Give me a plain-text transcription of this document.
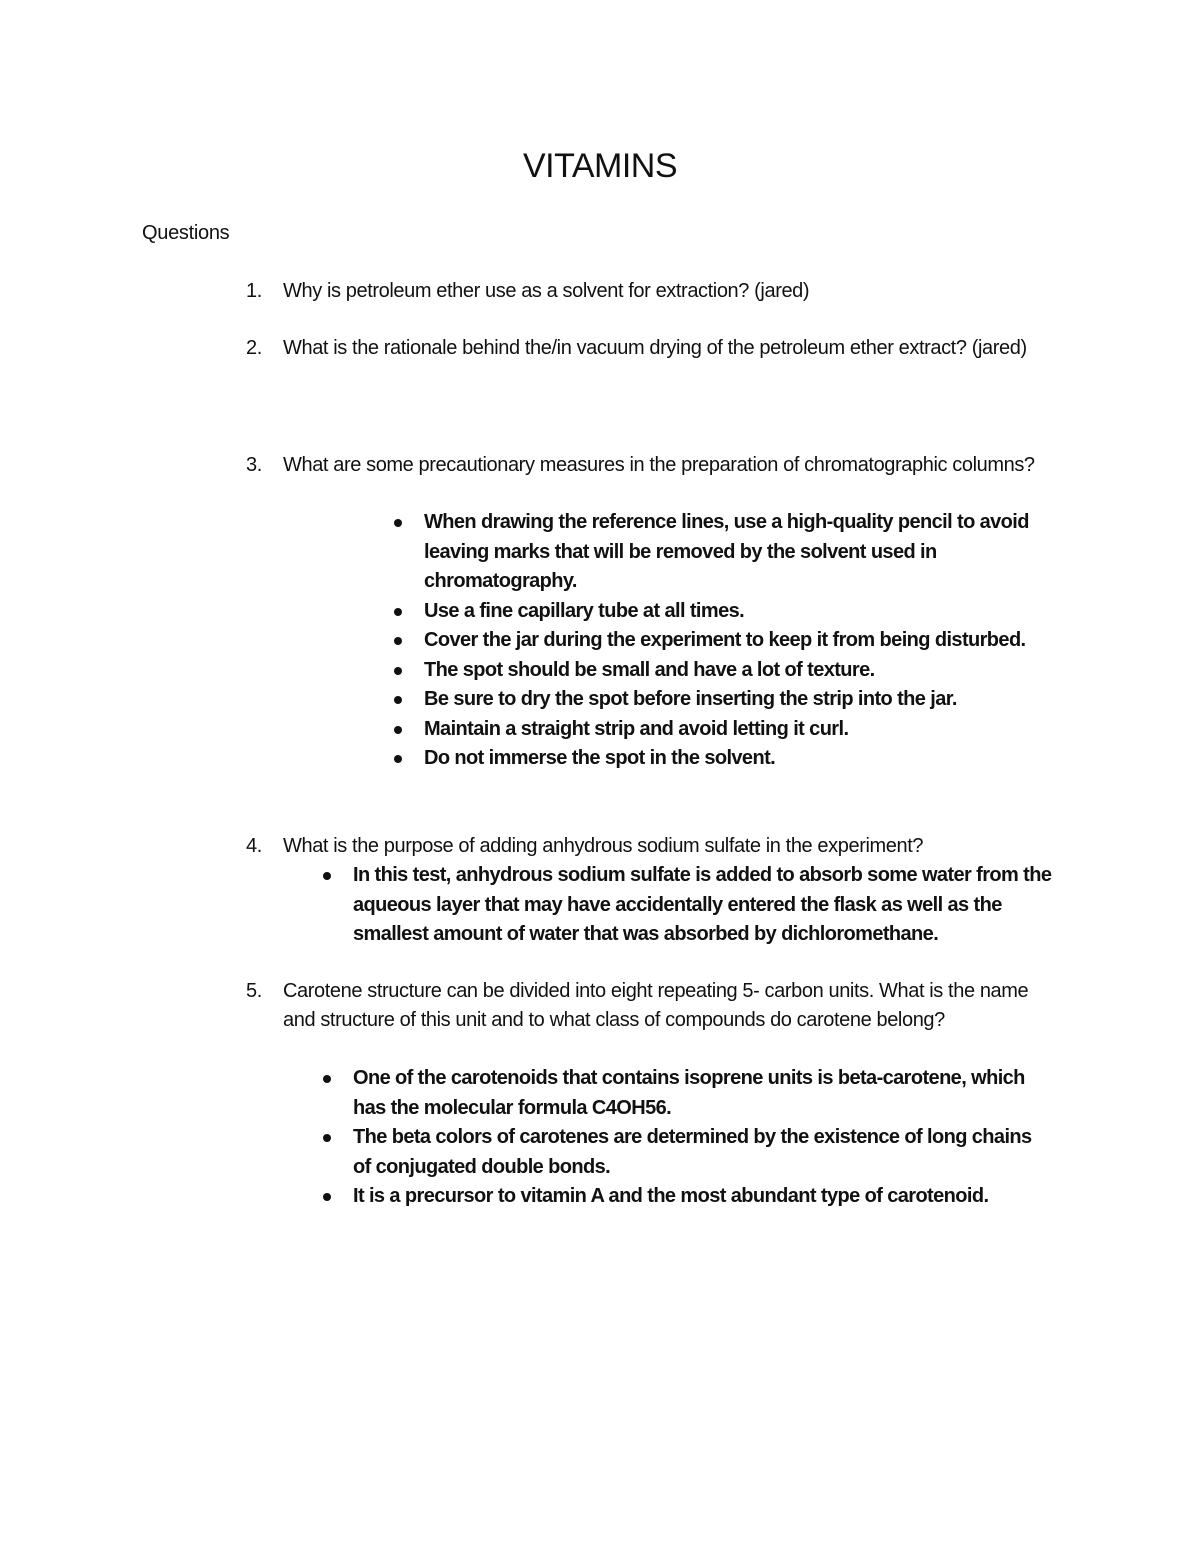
VITAMINS
Questions
1. Why is petroleum ether use as a solvent for extraction? (jared)
2. What is the rationale behind the/in vacuum drying of the petroleum ether extract? (jared)
3. What are some precautionary measures in the preparation of chromatographic columns?
When drawing the reference lines, use a high-quality pencil to avoid leaving marks that will be removed by the solvent used in chromatography.
Use a fine capillary tube at all times.
Cover the jar during the experiment to keep it from being disturbed.
The spot should be small and have a lot of texture.
Be sure to dry the spot before inserting the strip into the jar.
Maintain a straight strip and avoid letting it curl.
Do not immerse the spot in the solvent.
4. What is the purpose of adding anhydrous sodium sulfate in the experiment?
In this test, anhydrous sodium sulfate is added to absorb some water from the aqueous layer that may have accidentally entered the flask as well as the smallest amount of water that was absorbed by dichloromethane.
5. Carotene structure can be divided into eight repeating 5- carbon units. What is the name and structure of this unit and to what class of compounds do carotene belong?
One of the carotenoids that contains isoprene units is beta-carotene, which has the molecular formula C4OH56.
The beta colors of carotenes are determined by the existence of long chains of conjugated double bonds.
It is a precursor to vitamin A and the most abundant type of carotenoid.
